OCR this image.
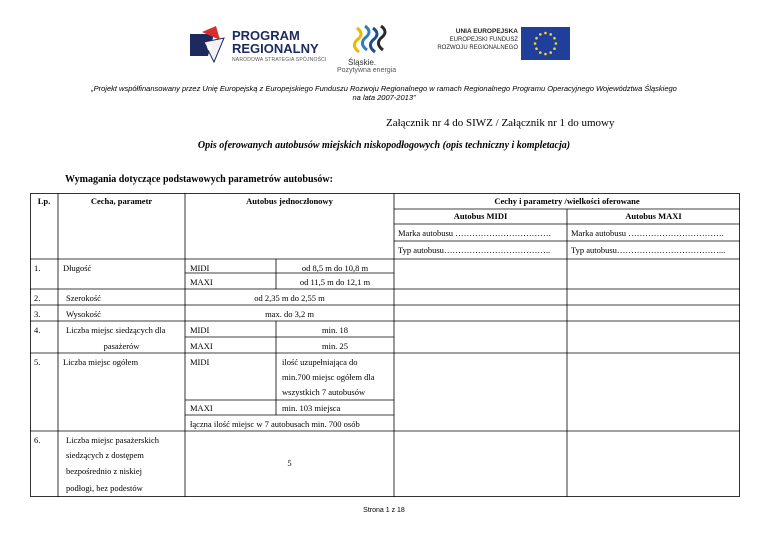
PROGRAM
REGIONALNY
NARODOWA STRATEGIA SPÓJNOŚCI	Śląskie.
Pozytywna energia
UNIA EUROPEJSKA
EUROPEJSKI FUNDUSZ
ROZWOJU REGIONALNEGO
„Projekt współfinansowany przez Unię Europejską z Europejskiego Funduszu Rozwoju Regionalnego w ramach Regionalnego Programu Operacyjnego Województwa Śląskiego
na lata 2007-2013”
Załącznik nr 4 do SIWZ / Załącznik nr 1 do umowy
Opis oferowanych autobusów miejskich niskopodłogowych (opis techniczny i kompletacja)
Wymagania dotyczące podstawowych parametrów autobusów:
Lp.	Cecha, parametr	Autobus jednoczłonowy	Cechy i parametry /wielkości oferowane
Autobus MIDI	Autobus MAXI
Marka autobusu ……………………………. Marka autobusu …………………………….
Typ autobusu……………………………….. Typ autobusu………………………………...
1.	Długość	MIDI	od 8,5 m do 10,8 m
MAXI	od 11,5 m do 12,1 m
2.	Szerokość	od 2,35 m do 2,55 m
3.	Wysokość	max. do 3,2 m
4.	Liczba miejsc siedzących dla
pasażerów
MIDI	min. 18
MAXI	min. 25
5.	Liczba miejsc ogółem	MIDI	ilość uzupełniająca do
min.700 miejsc ogółem dla
wszystkich 7 autobusów
MAXI	min. 103 miejsca
łączna ilość miejsc w 7 autobusach min. 700 osób
6.	Liczba miejsc pasażerskich
siedzących z dostępem
bezpośrednio z niskiej
podłogi, bez podestów
5
Strona 1 z 18
